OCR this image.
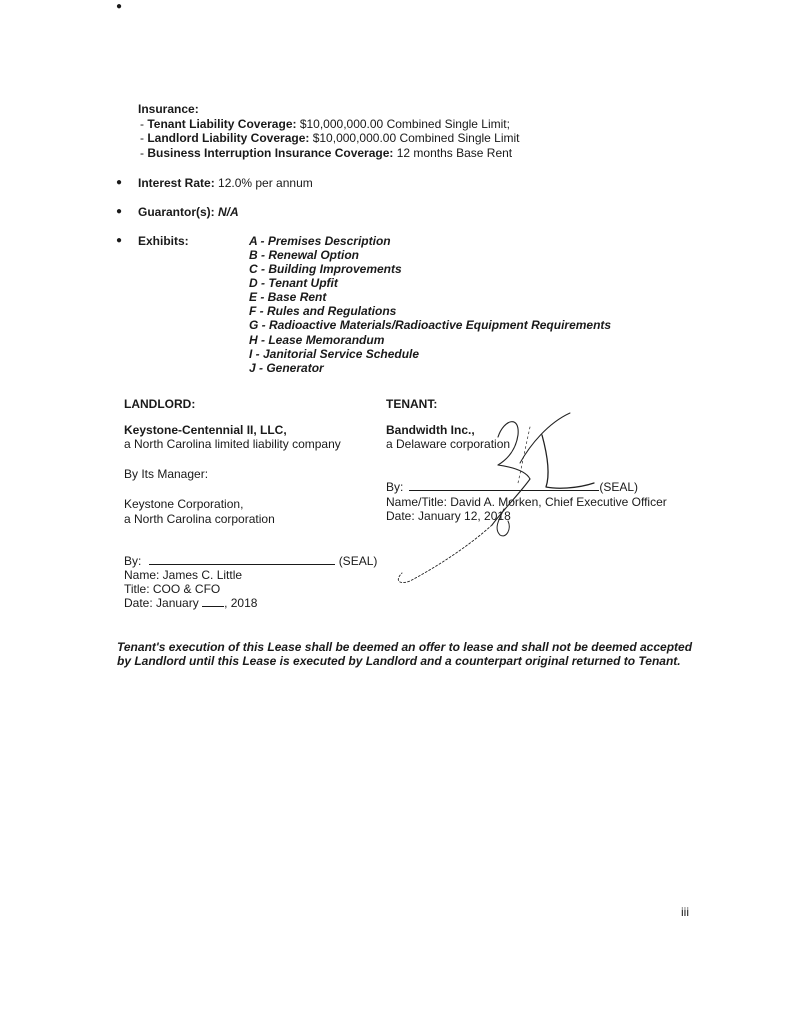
●
Insurance:
- Tenant Liability Coverage: $10,000,000.00 Combined Single Limit;
- Landlord Liability Coverage: $10,000,000.00 Combined Single Limit
- Business Interruption Insurance Coverage: 12 months Base Rent
● Interest Rate: 12.0% per annum
● Guarantor(s): N/A
● Exhibits:	A - Premises Description
B - Renewal Option
C - Building Improvements
D - Tenant Upfit
E - Base Rent
F - Rules and Regulations
G - Radioactive Materials/Radioactive Equipment Requirements
H - Lease Memorandum
I - Janitorial Service Schedule
J - Generator
LANDLORD:
Keystone-Centennial II, LLC,
a North Carolina limited liability company
By Its Manager:
Keystone Corporation,
a North Carolina corporation
By:	(SEAL)
Name: James C. Little
Title: COO & CFO
Date: January , 2018
TENANT:
Bandwidth Inc.,
a Delaware corporation
By:	(SEAL)
Name/Title: David A. Morken, Chief Executive Officer
Date: January 12, 2018
Tenant's execution of this Lease shall be deemed an offer to lease and shall not be deemed accepted by Landlord until this Lease is executed by Landlord and a counterpart original returned to Tenant.
iii
